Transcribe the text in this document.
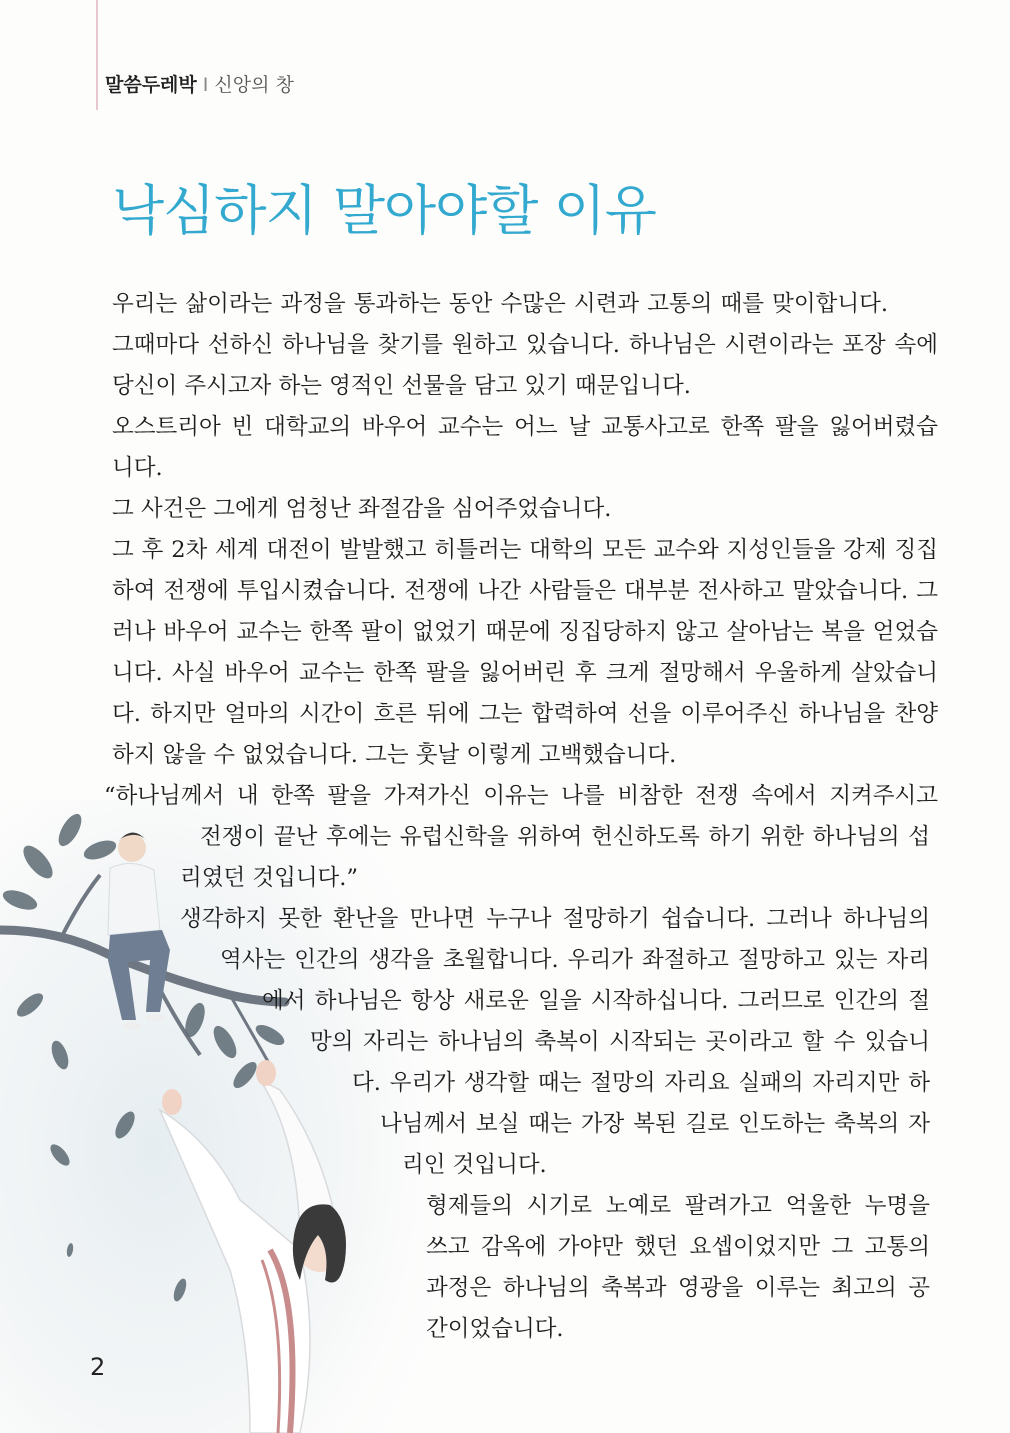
말씀두레박 I 신앙의 창
낙심하지 말아야할 이유
우리는 삶이라는 과정을 통과하는 동안 수많은 시련과 고통의 때를 맞이합니다.
그때마다 선하신 하나님을 찾기를 원하고 있습니다. 하나님은 시련이라는 포장 속에
당신이 주시고자 하는 영적인 선물을 담고 있기 때문입니다.
오스트리아 빈 대학교의 바우어 교수는 어느 날 교통사고로 한쪽 팔을 잃어버렸습
니다.
그 사건은 그에게 엄청난 좌절감을 심어주었습니다.
그 후 2차 세계 대전이 발발했고 히틀러는 대학의 모든 교수와 지성인들을 강제 징집
하여 전쟁에 투입시켰습니다. 전쟁에 나간 사람들은 대부분 전사하고 말았습니다. 그
러나 바우어 교수는 한쪽 팔이 없었기 때문에 징집당하지 않고 살아남는 복을 얻었습
니다. 사실 바우어 교수는 한쪽 팔을 잃어버린 후 크게 절망해서 우울하게 살았습니
다. 하지만 얼마의 시간이 흐른 뒤에 그는 합력하여 선을 이루어주신 하나님을 찬양
하지 않을 수 없었습니다. 그는 훗날 이렇게 고백했습니다.
“하나님께서 내 한쪽 팔을 가져가신 이유는 나를 비참한 전쟁 속에서 지켜주시고
전쟁이 끝난 후에는 유럽신학을 위하여 헌신하도록 하기 위한 하나님의 섭
리였던 것입니다.”
생각하지 못한 환난을 만나면 누구나 절망하기 쉽습니다. 그러나 하나님의
역사는 인간의 생각을 초월합니다. 우리가 좌절하고 절망하고 있는 자리
에서 하나님은 항상 새로운 일을 시작하십니다. 그러므로 인간의 절
망의 자리는 하나님의 축복이 시작되는 곳이라고 할 수 있습니
다. 우리가 생각할 때는 절망의 자리요 실패의 자리지만 하
나님께서 보실 때는 가장 복된 길로 인도하는 축복의 자
리인 것입니다.
형제들의 시기로 노예로 팔려가고 억울한 누명을
쓰고 감옥에 가야만 했던 요셉이었지만 그 고통의
과정은 하나님의 축복과 영광을 이루는 최고의 공
간이었습니다.
2
